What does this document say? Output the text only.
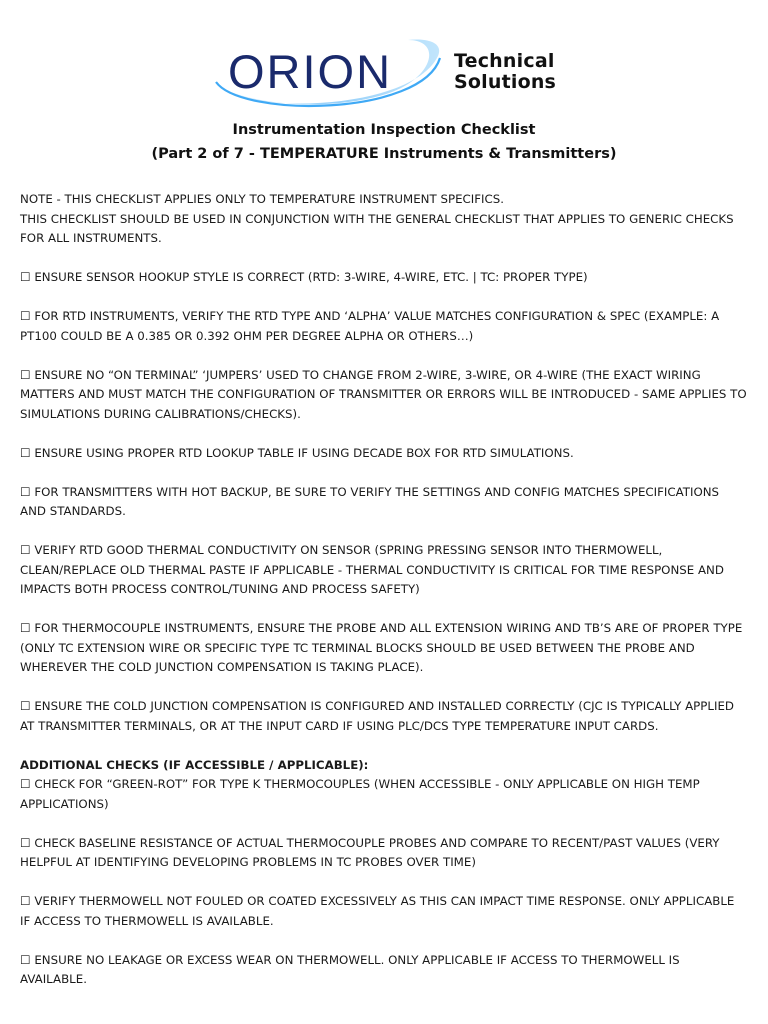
ORION	Technical
Solutions
Instrumentation Inspection Checklist
(Part 2 of 7 - TEMPERATURE Instruments & Transmitters)

NOTE - THIS CHECKLIST APPLIES ONLY TO TEMPERATURE INSTRUMENT SPECIFICS.
THIS CHECKLIST SHOULD BE USED IN CONJUNCTION WITH THE GENERAL CHECKLIST THAT APPLIES TO GENERIC CHECKS FOR ALL INSTRUMENTS.

☐ ENSURE SENSOR HOOKUP STYLE IS CORRECT (RTD: 3-WIRE, 4-WIRE, ETC. | TC: PROPER TYPE)

☐ FOR RTD INSTRUMENTS, VERIFY THE RTD TYPE AND ‘ALPHA’ VALUE MATCHES CONFIGURATION & SPEC (EXAMPLE: A PT100 COULD BE A 0.385 OR 0.392 OHM PER DEGREE ALPHA OR OTHERS…)

☐ ENSURE NO “ON TERMINAL” ‘JUMPERS’ USED TO CHANGE FROM 2-WIRE, 3-WIRE, OR 4-WIRE (THE EXACT WIRING MATTERS AND MUST MATCH THE CONFIGURATION OF TRANSMITTER OR ERRORS WILL BE INTRODUCED - SAME APPLIES TO SIMULATIONS DURING CALIBRATIONS/CHECKS).

☐ ENSURE USING PROPER RTD LOOKUP TABLE IF USING DECADE BOX FOR RTD SIMULATIONS.

☐ FOR TRANSMITTERS WITH HOT BACKUP, BE SURE TO VERIFY THE SETTINGS AND CONFIG MATCHES SPECIFICATIONS AND STANDARDS.

☐ VERIFY RTD GOOD THERMAL CONDUCTIVITY ON SENSOR (SPRING PRESSING SENSOR INTO THERMOWELL, CLEAN/REPLACE OLD THERMAL PASTE IF APPLICABLE - THERMAL CONDUCTIVITY IS CRITICAL FOR TIME RESPONSE AND IMPACTS BOTH PROCESS CONTROL/TUNING AND PROCESS SAFETY)

☐ FOR THERMOCOUPLE INSTRUMENTS, ENSURE THE PROBE AND ALL EXTENSION WIRING AND TB’S ARE OF PROPER TYPE (ONLY TC EXTENSION WIRE OR SPECIFIC TYPE TC TERMINAL BLOCKS SHOULD BE USED BETWEEN THE PROBE AND WHEREVER THE COLD JUNCTION COMPENSATION IS TAKING PLACE).

☐ ENSURE THE COLD JUNCTION COMPENSATION IS CONFIGURED AND INSTALLED CORRECTLY (CJC IS TYPICALLY APPLIED AT TRANSMITTER TERMINALS, OR AT THE INPUT CARD IF USING PLC/DCS TYPE TEMPERATURE INPUT CARDS.

ADDITIONAL CHECKS (IF ACCESSIBLE / APPLICABLE):

☐ CHECK FOR “GREEN-ROT” FOR TYPE K THERMOCOUPLES (WHEN ACCESSIBLE - ONLY APPLICABLE ON HIGH TEMP APPLICATIONS)

☐ CHECK BASELINE RESISTANCE OF ACTUAL THERMOCOUPLE PROBES AND COMPARE TO RECENT/PAST VALUES (VERY HELPFUL AT IDENTIFYING DEVELOPING PROBLEMS IN TC PROBES OVER TIME)

☐ VERIFY THERMOWELL NOT FOULED OR COATED EXCESSIVELY AS THIS CAN IMPACT TIME RESPONSE. ONLY APPLICABLE IF ACCESS TO THERMOWELL IS AVAILABLE.

☐ ENSURE NO LEAKAGE OR EXCESS WEAR ON THERMOWELL. ONLY APPLICABLE IF ACCESS TO THERMOWELL IS AVAILABLE.
